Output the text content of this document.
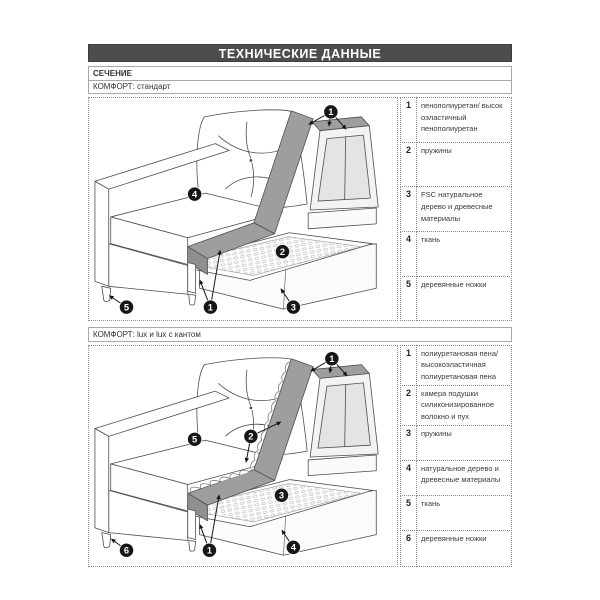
ТЕХНИЧЕСКИЕ ДАННЫЕ
СЕЧЕНИЕ
КОМФОРТ: стандарт
1
4
2
1	3
5
1	пенополиуретан/ высок оэластичный пенополиуретан
2	пружины
3	FSC натуральное дерево и древесные материалы
4	ткань
5	деревянные ножки
КОМФОРТ: lux и lux с кантом
1
5	2
3
1	4
6
1	полиуретановая пена/ высокоэластичная полиуретановая пена
2	камера подушки силиконизированное волокно и пух
3	пружины
4	натуральное дерево и древесные материалы
5	ткань
6	деревянные ножки
